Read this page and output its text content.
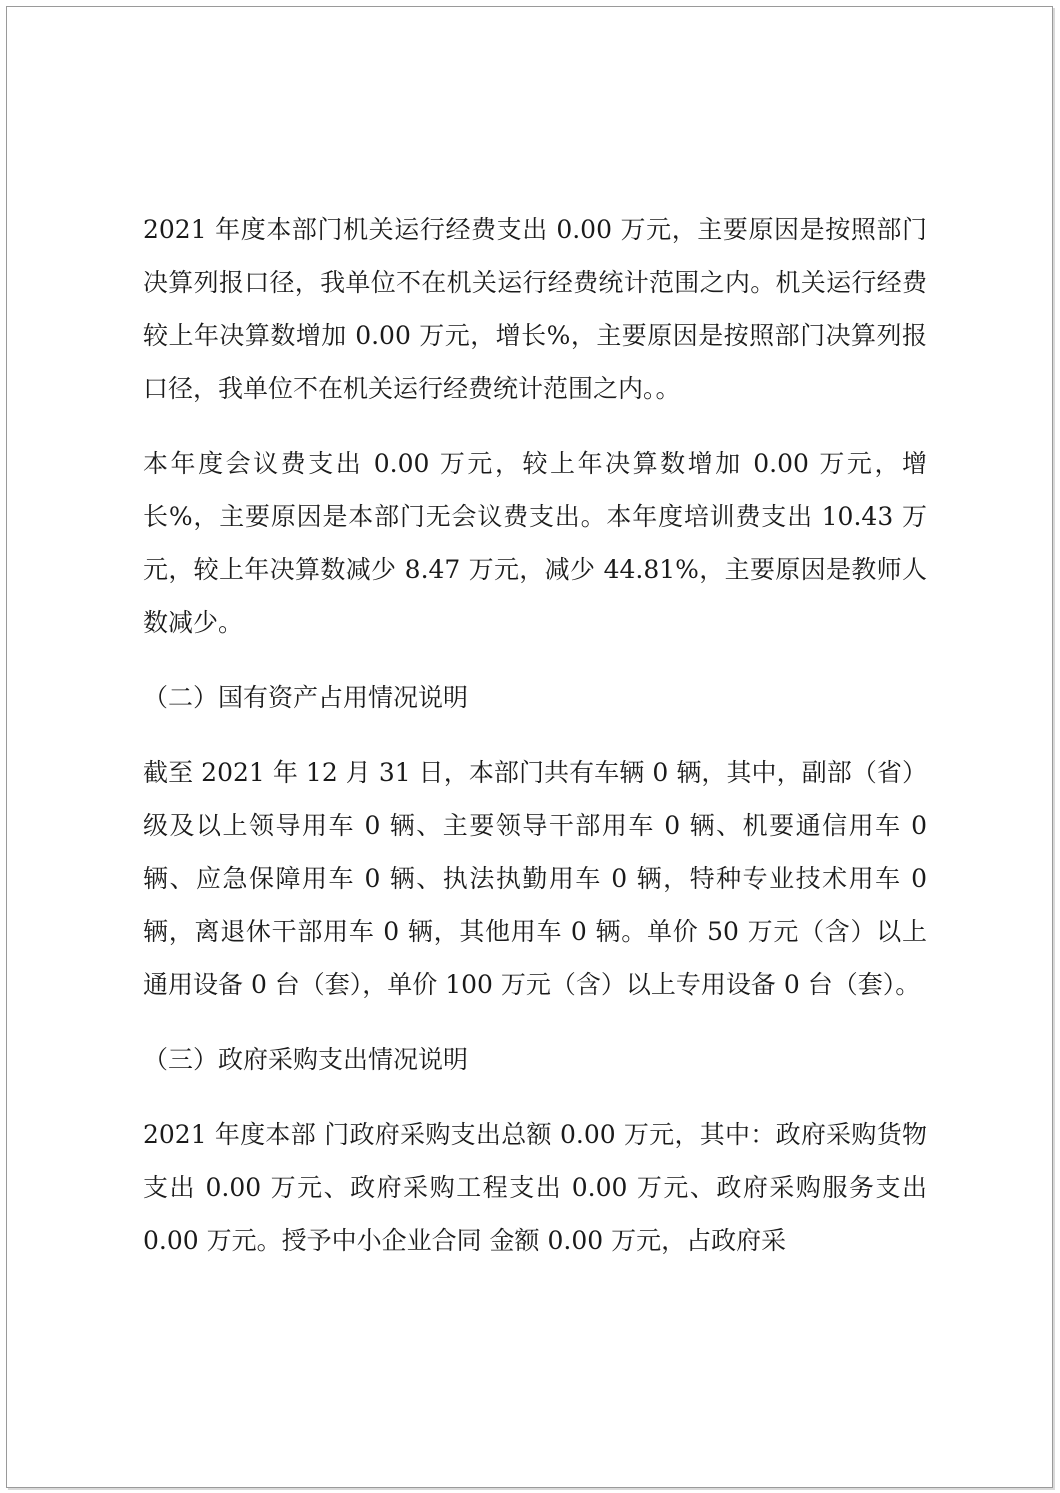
2021 年度本部门机关运行经费支出 0.00 万元，主要原因是按照部门决算列报口径，我单位不在机关运行经费统计范围之内。机关运行经费较上年决算数增加 0.00 万元，增长%，主要原因是按照部门决算列报口径，我单位不在机关运行经费统计范围之内。。

本年度会议费支出 0.00 万元，较上年决算数增加 0.00 万元，增长%，主要原因是本部门无会议费支出。本年度培训费支出 10.43 万元，较上年决算数减少 8.47 万元，减少 44.81%，主要原因是教师人数减少。

（二）国有资产占用情况说明

截至 2021 年 12 月 31 日，本部门共有车辆 0 辆，其中，副部（省）级及以上领导用车 0 辆、主要领导干部用车 0 辆、机要通信用车 0 辆、应急保障用车 0 辆、执法执勤用车 0 辆，特种专业技术用车 0 辆，离退休干部用车 0 辆，其他用车 0 辆。单价 50 万元（含）以上通用设备 0 台（套），单价 100 万元（含）以上专用设备 0 台（套）。

（三）政府采购支出情况说明

2021 年度本部 门政府采购支出总额 0.00 万元，其中：政府采购货物支出 0.00 万元、政府采购工程支出 0.00 万元、政府采购服务支出 0.00 万元。授予中小企业合同 金额 0.00 万元，占政府采
